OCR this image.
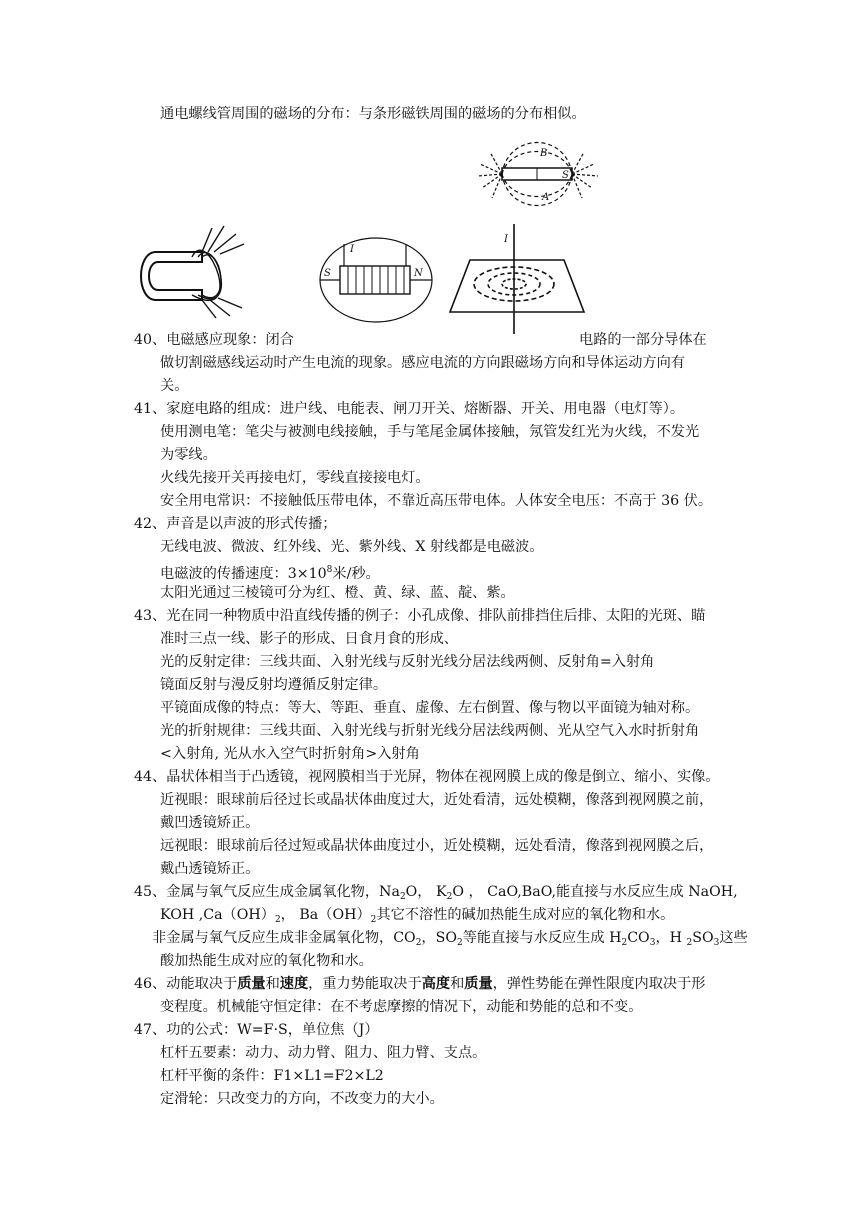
通电螺线管周围的磁场的分布：与条形磁铁周围的磁场的分布相似。
B
S
A
I
S	N
I
40、电磁感应现象：闭合	电路的一部分导体在
做切割磁感线运动时产生电流的现象。感应电流的方向跟磁场方向和导体运动方向有
关。
41、家庭电路的组成：进户线、电能表、闸刀开关、熔断器、开关、用电器（电灯等）。
使用测电笔：笔尖与被测电线接触，手与笔尾金属体接触，氖管发红光为火线，不发光
为零线。
火线先接开关再接电灯，零线直接接电灯。
安全用电常识：不接触低压带电体，不靠近高压带电体。人体安全电压：不高于 36 伏。
42、声音是以声波的形式传播；
无线电波、微波、红外线、光、紫外线、X 射线都是电磁波。
电磁波的传播速度：$3\times 10^8$米/秒。
太阳光通过三棱镜可分为红、橙、黄、绿、蓝、靛、紫。
43、光在同一种物质中沿直线传播的例子：小孔成像、排队前排挡住后排、太阳的光斑、瞄
准时三点一线、影子的形成、日食月食的形成、
光的反射定律：三线共面、入射光线与反射光线分居法线两侧、反射角=入射角
镜面反射与漫反射均遵循反射定律。
平镜面成像的特点：等大、等距、垂直、虚像、左右倒置、像与物以平面镜为轴对称。
光的折射规律：三线共面、入射光线与折射光线分居法线两侧、光从空气入水时折射角
<入射角, 光从水入空气时折射角>入射角
44、晶状体相当于凸透镜，视网膜相当于光屏，物体在视网膜上成的像是倒立、缩小、实像。
近视眼：眼球前后径过长或晶状体曲度过大，近处看清，远处模糊，像落到视网膜之前，
戴凹透镜矫正。
远视眼：眼球前后径过短或晶状体曲度过小，近处模糊，远处看清，像落到视网膜之后，
戴凸透镜矫正。
45、金属与氧气反应生成金属氧化物，$Na_2O$， $K_2O$ ， CaO,BaO,能直接与水反应生成 NaOH,
KOH $,Ca(OH)_2$， $Ba(OH)_2$其它不溶性的碱加热能生成对应的氧化物和水。
非金属与氧气反应生成非金属氧化物，$CO_2$，$SO_2$等能直接与水反应生成 $H_2CO_3$，H $_2SO_3$这些
酸加热能生成对应的氧化物和水。
46、动能取决于质量和速度，重力势能取决于高度和质量，弹性势能在弹性限度内取决于形
变程度。机械能守恒定律：在不考虑摩擦的情况下，动能和势能的总和不变。
47、功的公式：W=F·S，单位焦（J）
杠杆五要素：动力、动力臂、阻力、阻力臂、支点。
杠杆平衡的条件：F1×L1=F2×L2
定滑轮：只改变力的方向，不改变力的大小。
